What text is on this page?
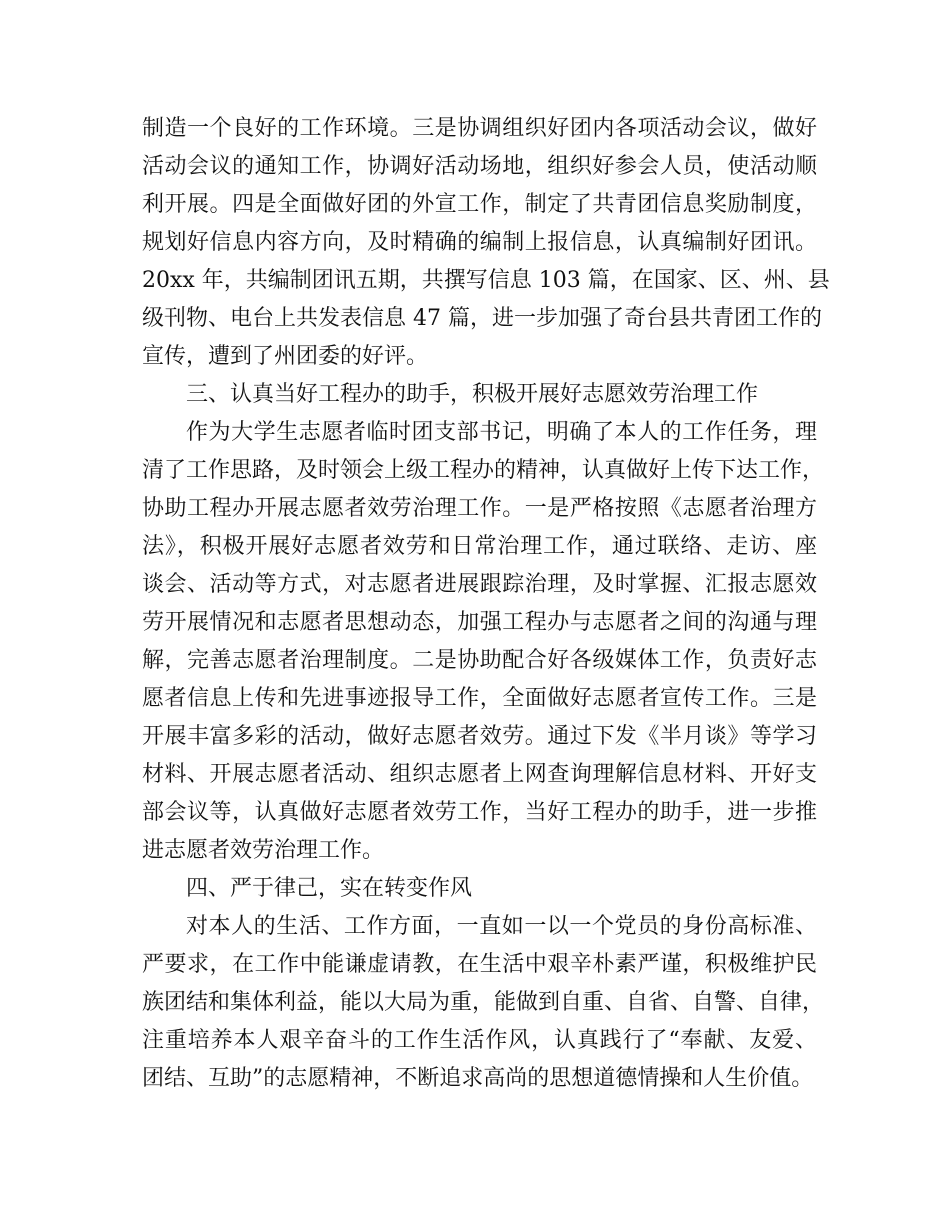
制造一个良好的工作环境。三是协调组织好团内各项活动会议，做好
活动会议的通知工作，协调好活动场地，组织好参会人员，使活动顺
利开展。四是全面做好团的外宣工作，制定了共青团信息奖励制度，
规划好信息内容方向，及时精确的编制上报信息，认真编制好团讯。
20xx 年，共编制团讯五期，共撰写信息 103 篇，在国家、区、州、县
级刊物、电台上共发表信息 47 篇，进一步加强了奇台县共青团工作的
宣传，遭到了州团委的好评。
三、认真当好工程办的助手，积极开展好志愿效劳治理工作
作为大学生志愿者临时团支部书记，明确了本人的工作任务，理
清了工作思路，及时领会上级工程办的精神，认真做好上传下达工作，
协助工程办开展志愿者效劳治理工作。一是严格按照《志愿者治理方
法》，积极开展好志愿者效劳和日常治理工作，通过联络、走访、座
谈会、活动等方式，对志愿者进展跟踪治理，及时掌握、汇报志愿效
劳开展情况和志愿者思想动态，加强工程办与志愿者之间的沟通与理
解，完善志愿者治理制度。二是协助配合好各级媒体工作，负责好志
愿者信息上传和先进事迹报导工作，全面做好志愿者宣传工作。三是
开展丰富多彩的活动，做好志愿者效劳。通过下发《半月谈》等学习
材料、开展志愿者活动、组织志愿者上网查询理解信息材料、开好支
部会议等，认真做好志愿者效劳工作，当好工程办的助手，进一步推
进志愿者效劳治理工作。
四、严于律己，实在转变作风
对本人的生活、工作方面，一直如一以一个党员的身份高标准、
严要求，在工作中能谦虚请教，在生活中艰辛朴素严谨，积极维护民
族团结和集体利益，能以大局为重，能做到自重、自省、自警、自律，
注重培养本人艰辛奋斗的工作生活作风，认真践行了“奉献、友爱、
团结、互助”的志愿精神，不断追求高尚的思想道德情操和人生价值。
